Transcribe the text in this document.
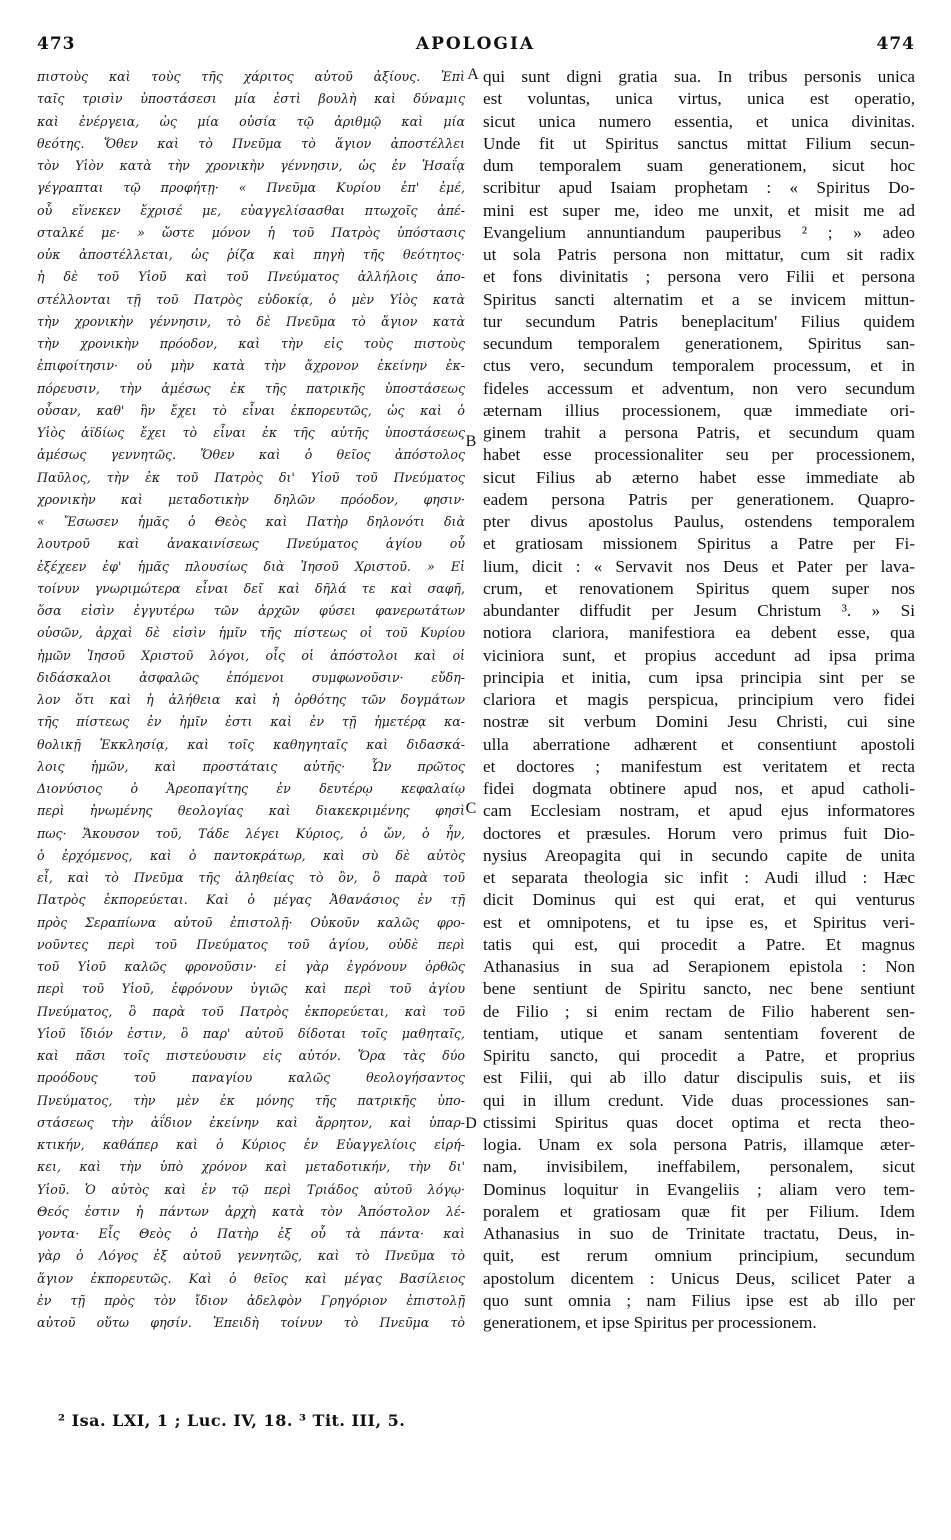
473	APOLOGIA	474
πιστοὺς καὶ τοὺς τῆς χάριτος αὐτοῦ ἀξίους. Ἐπὶ
ταῖς τρισὶν ὑποστάσεσι μία ἐστὶ βουλὴ καὶ δύναμις
καὶ ἐνέργεια, ὡς μία οὐσία τῷ ἀριθμῷ καὶ μία
θεότης. Ὅθεν καὶ τὸ Πνεῦμα τὸ ἅγιον ἀποστέλλει
τὸν Υἱὸν κατὰ τὴν χρονικὴν γέννησιν, ὡς ἐν Ἡσαΐᾳ
γέγραπται τῷ προφήτῃ· « Πνεῦμα Κυρίου ἐπ' ἐμέ,
οὗ εἵνεκεν ἔχρισέ με, εὐαγγελίσασθαι πτωχοῖς ἀπέ-
σταλκέ με· » ὥστε μόνον ἡ τοῦ Πατρὸς ὑπόστασις
οὐκ ἀποστέλλεται, ὡς ῥίζα καὶ πηγὴ τῆς θεότητος·
ἡ δὲ τοῦ Υἱοῦ καὶ τοῦ Πνεύματος ἀλλήλοις ἀπο-
στέλλονται τῇ τοῦ Πατρὸς εὐδοκίᾳ, ὁ μὲν Υἱὸς κατὰ
τὴν χρονικὴν γέννησιν, τὸ δὲ Πνεῦμα τὸ ἅγιον κατὰ
τὴν χρονικὴν πρόοδον, καὶ τὴν εἰς τοὺς πιστοὺς
ἐπιφοίτησιν· οὐ μὴν κατὰ τὴν ἄχρονον ἐκείνην ἐκ-
πόρευσιν, τὴν ἀμέσως ἐκ τῆς πατρικῆς ὑποστάσεως
οὖσαν, καθ' ἣν ἔχει τὸ εἶναι ἐκπορευτῶς, ὡς καὶ ὁ
Υἱὸς ἀϊδίως ἔχει τὸ εἶναι ἐκ τῆς αὐτῆς ὑποστάσεως
ἀμέσως γεννητῶς. Ὅθεν καὶ ὁ θεῖος ἀπόστολος
Παῦλος, τὴν ἐκ τοῦ Πατρὸς δι' Υἱοῦ τοῦ Πνεύματος
χρονικὴν καὶ μεταδοτικὴν δηλῶν πρόοδον, φησιν·
« Ἔσωσεν ἡμᾶς ὁ Θεὸς καὶ Πατὴρ δηλονότι διὰ
λουτροῦ καὶ ἀνακαινίσεως Πνεύματος ἁγίου οὗ
ἐξέχεεν ἐφ' ἡμᾶς πλουσίως διὰ Ἰησοῦ Χριστοῦ. » Εἰ
τοίνυν γνωριμώτερα εἶναι δεῖ καὶ δῆλά τε καὶ σαφῆ,
ὅσα εἰσὶν ἐγγυτέρω τῶν ἀρχῶν φύσει φανερωτάτων
οὐσῶν, ἀρχαὶ δὲ εἰσὶν ἡμῖν τῆς πίστεως οἱ τοῦ Κυρίου
ἡμῶν Ἰησοῦ Χριστοῦ λόγοι, οἷς οἱ ἀπόστολοι καὶ οἱ
διδάσκαλοι ἀσφαλῶς ἑπόμενοι συμφωνοῦσιν· εὔδη-
λον ὅτι καὶ ἡ ἀλήθεια καὶ ἡ ὀρθότης τῶν δογμάτων
τῆς πίστεως ἐν ἡμῖν ἐστι καὶ ἐν τῇ ἡμετέρᾳ κα-
θολικῇ Ἐκκλησίᾳ, καὶ τοῖς καθηγηταῖς καὶ διδασκά-
λοις ἡμῶν, καὶ προστάταις αὐτῆς· Ὧν πρῶτος
Διονύσιος ὁ Ἀρεοπαγίτης ἐν δευτέρῳ κεφαλαίῳ
περὶ ἡνωμένης θεολογίας καὶ διακεκριμένης φησὶ
πως· Ἄκουσον τοῦ, Τάδε λέγει Κύριος, ὁ ὤν, ὁ ἦν,
ὁ ἐρχόμενος, καὶ ὁ παντοκράτωρ, καὶ σὺ δὲ αὐτὸς
εἶ, καὶ τὸ Πνεῦμα τῆς ἀληθείας τὸ ὂν, ὃ παρὰ τοῦ
Πατρὸς ἐκπορεύεται. Καὶ ὁ μέγας Ἀθανάσιος ἐν τῇ
πρὸς Σεραπίωνα αὐτοῦ ἐπιστολῇ· Οὐκοῦν καλῶς φρο-
νοῦντες περὶ τοῦ Πνεύματος τοῦ ἁγίου, οὐδὲ περὶ
τοῦ Υἱοῦ καλῶς φρονοῦσιν· εἰ γὰρ ἐγρόνουν ὀρθῶς
περὶ τοῦ Υἱοῦ, ἐφρόνουν ὑγιῶς καὶ περὶ τοῦ ἁγίου
Πνεύματος, ὃ παρὰ τοῦ Πατρὸς ἐκπορεύεται, καὶ τοῦ
Υἱοῦ ἴδιόν ἐστιν, ὃ παρ' αὐτοῦ δίδοται τοῖς μαθηταῖς,
καὶ πᾶσι τοῖς πιστεύουσιν εἰς αὐτόν. Ὅρα τὰς δύο
προόδους τοῦ παναγίου καλῶς θεολογήσαντος
Πνεύματος, τὴν μὲν ἐκ μόνης τῆς πατρικῆς ὑπο-
στάσεως τὴν ἀΐδιον ἐκείνην καὶ ἄρρητον, καὶ ὑπαρ-
κτικήν, καθάπερ καὶ ὁ Κύριος ἐν Εὐαγγελίοις εἰρή-
κει, καὶ τὴν ὑπὸ χρόνον καὶ μεταδοτικήν, τὴν δι'
Υἱοῦ. Ὁ αὐτὸς καὶ ἐν τῷ περὶ Τριάδος αὐτοῦ λόγῳ·
Θεός ἐστιν ἡ πάντων ἀρχὴ κατὰ τὸν Ἀπόστολον λέ-
γοντα· Εἷς Θεὸς ὁ Πατὴρ ἐξ οὗ τὰ πάντα· καὶ
γὰρ ὁ Λόγος ἐξ αὐτοῦ γεννητῶς, καὶ τὸ Πνεῦμα τὸ
ἅγιον ἐκπορευτῶς. Καὶ ὁ θεῖος καὶ μέγας Βασίλειος
ἐν τῇ πρὸς τὸν ἴδιον ἀδελφὸν Γρηγόριον ἐπιστολῇ
αὐτοῦ οὕτω φησίν. Ἐπειδὴ τοίνυν τὸ Πνεῦμα τὸ
A
B
C
D
qui sunt digni gratia sua. In tribus personis unica
est voluntas, unica virtus, unica est operatio,
sicut unica numero essentia, et unica divinitas.
Unde fit ut Spiritus sanctus mittat Filium secun-
dum temporalem suam generationem, sicut hoc
scribitur apud Isaiam prophetam : « Spiritus Do-
mini est super me, ideo me unxit, et misit me ad
Evangelium annuntiandum pauperibus ² ; » adeo
ut sola Patris persona non mittatur, cum sit radix
et fons divinitatis ; persona vero Filii et persona
Spiritus sancti alternatim et a se invicem mittun-
tur secundum Patris beneplacitum' Filius quidem
secundum temporalem generationem, Spiritus san-
ctus vero, secundum temporalem processum, et in
fideles accessum et adventum, non vero secundum
æternam illius processionem, quæ immediate ori-
ginem trahit a persona Patris, et secundum quam
habet esse processionaliter seu per processionem,
sicut Filius ab æterno habet esse immediate ab
eadem persona Patris per generationem. Quapro-
pter divus apostolus Paulus, ostendens temporalem
et gratiosam missionem Spiritus a Patre per Fi-
lium, dicit : « Servavit nos Deus et Pater per lava-
crum, et renovationem Spiritus quem super nos
abundanter diffudit per Jesum Christum ³. » Si
notiora clariora, manifestiora ea debent esse, qua
viciniora sunt, et propius accedunt ad ipsa prima
principia et initia, cum ipsa principia sint per se
clariora et magis perspicua, principium vero fidei
nostræ sit verbum Domini Jesu Christi, cui sine
ulla aberratione adhærent et consentiunt apostoli
et doctores ; manifestum est veritatem et recta
fidei dogmata obtinere apud nos, et apud catholi-
cam Ecclesiam nostram, et apud ejus informatores
doctores et præsules. Horum vero primus fuit Dio-
nysius Areopagita qui in secundo capite de unita
et separata theologia sic infit : Audi illud : Hæc
dicit Dominus qui est qui erat, et qui venturus
est et omnipotens, et tu ipse es, et Spiritus veri-
tatis qui est, qui procedit a Patre. Et magnus
Athanasius in sua ad Serapionem epistola : Non
bene sentiunt de Spiritu sancto, nec bene sentiunt
de Filio ; si enim rectam de Filio haberent sen-
tentiam, utique et sanam sententiam foverent de
Spiritu sancto, qui procedit a Patre, et proprius
est Filii, qui ab illo datur discipulis suis, et iis
qui in illum credunt. Vide duas processiones san-
ctissimi Spiritus quas docet optima et recta theo-
logia. Unam ex sola persona Patris, illamque æter-
nam, invisibilem, ineffabilem, personalem, sicut
Dominus loquitur in Evangeliis ; aliam vero tem-
poralem et gratiosam quæ fit per Filium. Idem
Athanasius in suo de Trinitate tractatu, Deus, in-
quit, est rerum omnium principium, secundum
apostolum dicentem : Unicus Deus, scilicet Pater a
quo sunt omnia ; nam Filius ipse est ab illo per
generationem, et ipse Spiritus per processionem.
² Isa. LXI, 1 ; Luc. IV, 18. ³ Tit. III, 5.
